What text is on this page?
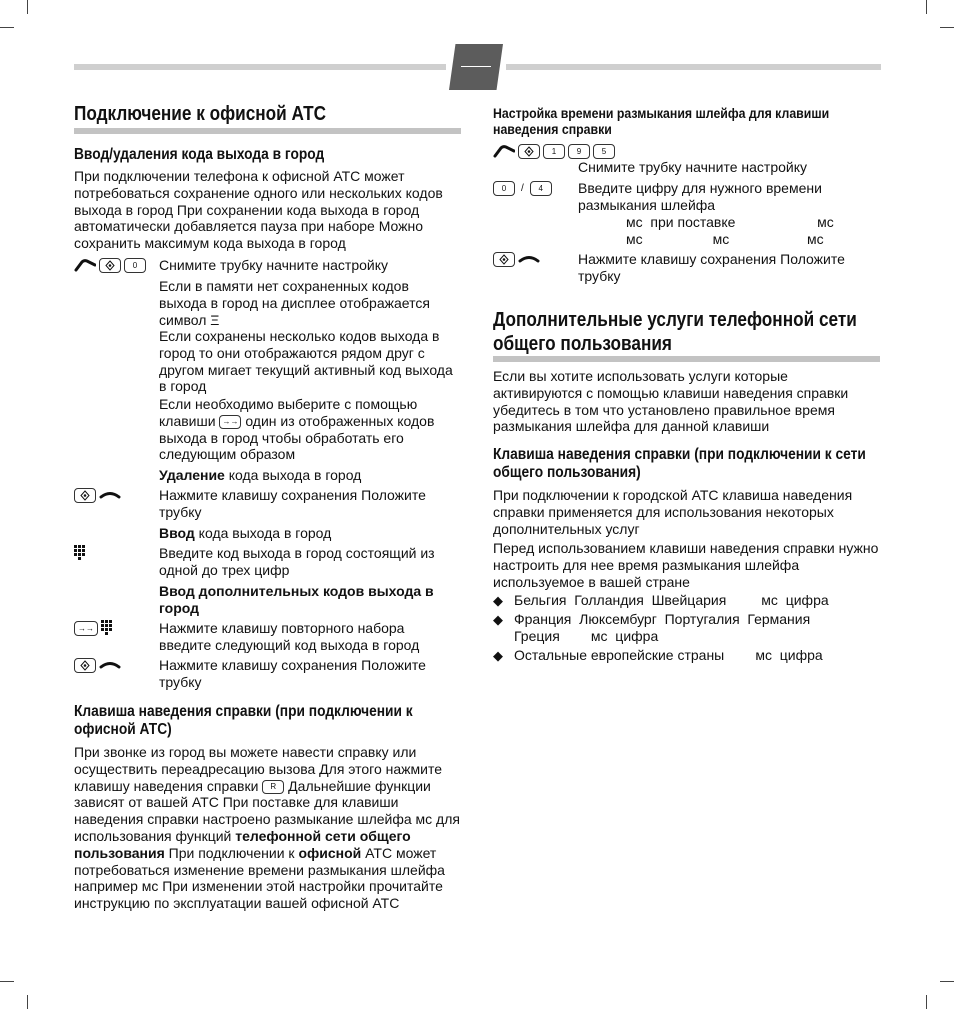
Подключение к офисной АТС
Ввод/удаления кода выхода в город

При подключении телефона к офисной АТС может потребоваться сохранение одного или нескольких кодов выхода в город При сохранении кода выхода в город автоматически добавляется пауза при наборе Можно сохранить максимум кода выхода в город

0	Снимите трубку начните настройку

Если в памяти нет сохраненных кодов выхода в город на дисплее отображается символ Ξ

Если сохранены несколько кодов выхода в город то они отображаются рядом друг с другом мигает текущий активный код выхода в город

Если необходимо выберите с помощью клавиши →→ один из отображенных кодов выхода в город чтобы обработать его следующим образом

Удаление кода выхода в город

Нажмите клавишу сохранения Положите трубку

Ввод кода выхода в город

Введите код выхода в город состоящий из одной до трех цифр

Ввод дополнительных кодов выхода в город

→→	Нажмите клавишу повторного набора введите следующий код выхода в город

Нажмите клавишу сохранения Положите трубку

Клавиша наведения справки (при подключении к офисной АТС)

При звонке из город вы можете навести справку или осуществить переадресацию вызова Для этого нажмите клавишу наведения справки R Дальнейшие функции зависят от вашей АТС При поставке для клавиши наведения справки настроено размыкание шлейфа мс для использования функций телефонной сети общего пользования При подключении к офисной АТС может потребоваться изменение времени размыкания шлейфа например мс При изменении этой настройки прочитайте инструкцию по эксплуатации вашей офисной АТС

Настройка времени размыкания шлейфа для клавиши наведения справки
1	9	5

Снимите трубку начните настройку

0	/	4	Введите цифру для нужного времени размыкания шлейфа

мс  при поставке                     мс

мс                  мс                    мс

Нажмите клавишу сохранения Положите трубку

Дополнительные услуги телефонной сети общего пользования

Если вы хотите использовать услуги которые активируются с помощью клавиши наведения справки убедитесь в том что установлено правильное время размыкания шлейфа для данной клавиши

Клавиша наведения справки (при подключении к сети общего пользования)

При подключении к городской АТС клавиша наведения справки применяется для использования некоторых дополнительных услуг

Перед использованием клавиши наведения справки нужно настроить для нее время размыкания шлейфа используемое в вашей стране

◆ Бельгия  Голландия  Швейцария         мс  цифра
◆ Франция  Люксембург  Португалия  Германия Греция        мс  цифра
◆ Остальные европейские страны        мс  цифра
